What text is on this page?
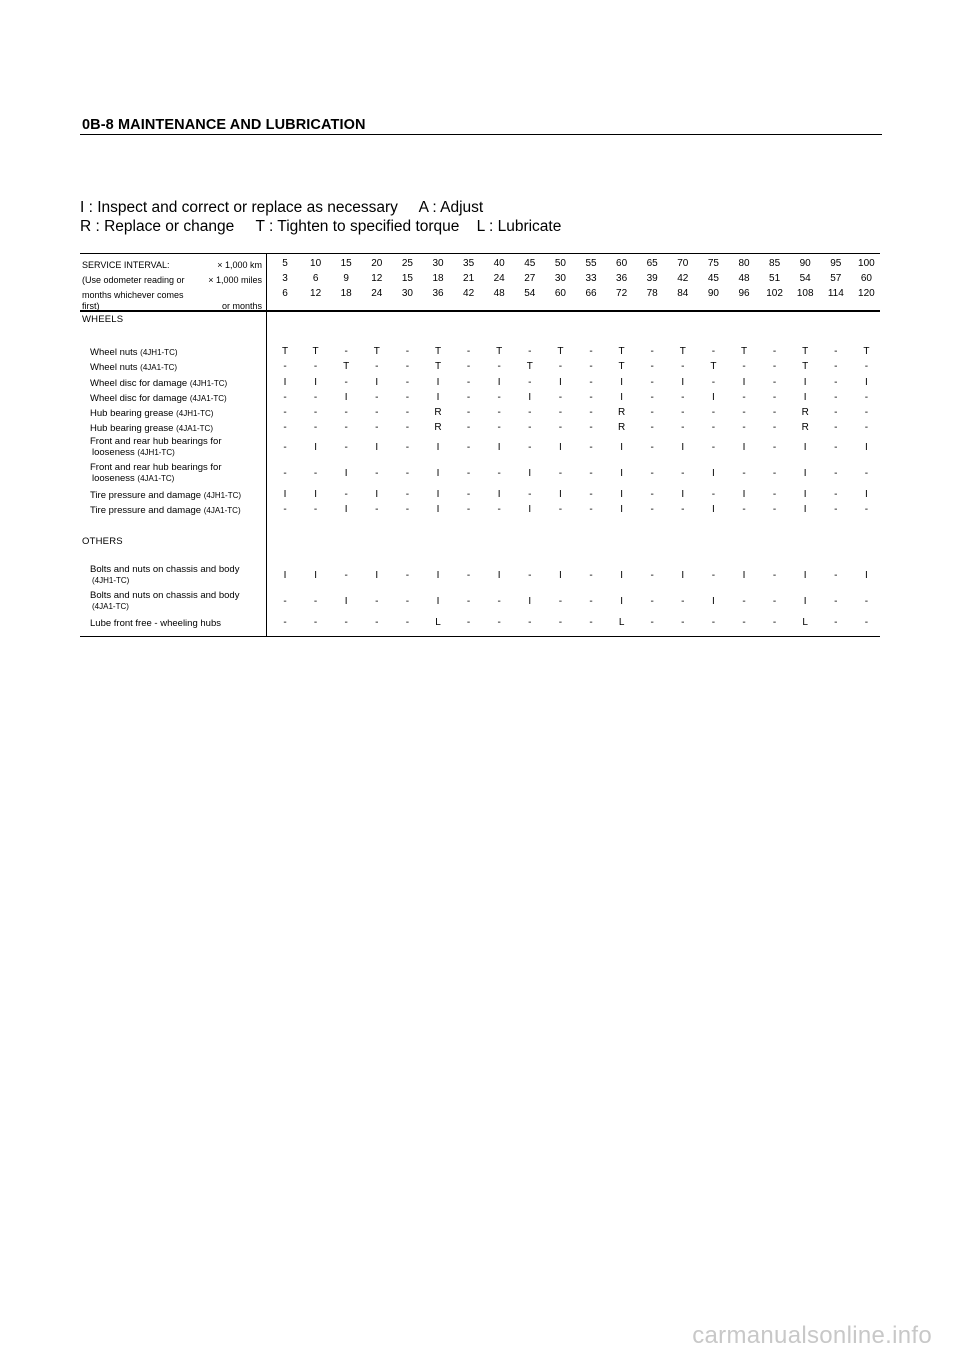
0B-8 MAINTENANCE AND LUBRICATION
I : Inspect and correct or replace as necessary     A : Adjust
R : Replace or change     T : Tighten to specified torque    L : Lubricate
SERVICE INTERVAL:	× 1,000 km
(Use odometer reading or	× 1,000 miles
months whichever comes
first)	or months
5	10	15	20	25	30	35	40	45	50	55	60	65	70	75	80	85	90	95	100
3	6	9	12	15	18	21	24	27	30	33	36	39	42	45	48	51	54	57	60
6	12	18	24	30	36	42	48	54	60	66	72	78	84	90	96	102	108	114	120
WHEELS
Wheel nuts (4JH1-TC)	T	T	-	T	-	T	-	T	-	T	-	T	-	T	-	T	-	T	-	T
Wheel nuts (4JA1-TC)	-	-	T	-	-	T	-	-	T	-	-	T	-	-	T	-	-	T	-	-
Wheel disc for damage (4JH1-TC)	I	I	-	I	-	I	-	I	-	I	-	I	-	I	-	I	-	I	-	I
Wheel disc for damage (4JA1-TC)	-	-	I	-	-	I	-	-	I	-	-	I	-	-	I	-	-	I	-	-
Hub bearing grease (4JH1-TC)	-	-	-	-	-	R	-	-	-	-	-	R	-	-	-	-	-	R	-	-
Hub bearing grease (4JA1-TC)	-	-	-	-	-	R	-	-	-	-	-	R	-	-	-	-	-	R	-	-
Front and rear hub bearings for
looseness (4JH1-TC)	-	I	-	I	-	I	-	I	-	I	-	I	-	I	-	I	-	I	-	I
Front and rear hub bearings for
looseness (4JA1-TC)	-	-	I	-	-	I	-	-	I	-	-	I	-	-	I	-	-	I	-	-
Tire pressure and damage (4JH1-TC)	I	I	-	I	-	I	-	I	-	I	-	I	-	I	-	I	-	I	-	I
Tire pressure and damage (4JA1-TC)	-	-	I	-	-	I	-	-	I	-	-	I	-	-	I	-	-	I	-	-
OTHERS
Bolts and nuts on chassis and body
(4JH1-TC)	I	I	-	I	-	I	-	I	-	I	-	I	-	I	-	I	-	I	-	I
Bolts and nuts on chassis and body
(4JA1-TC)	-	-	I	-	-	I	-	-	I	-	-	I	-	-	I	-	-	I	-	-
Lube front free - wheeling hubs	-	-	-	-	-	L	-	-	-	-	-	L	-	-	-	-	-	L	-	-
carmanualsonline.info
